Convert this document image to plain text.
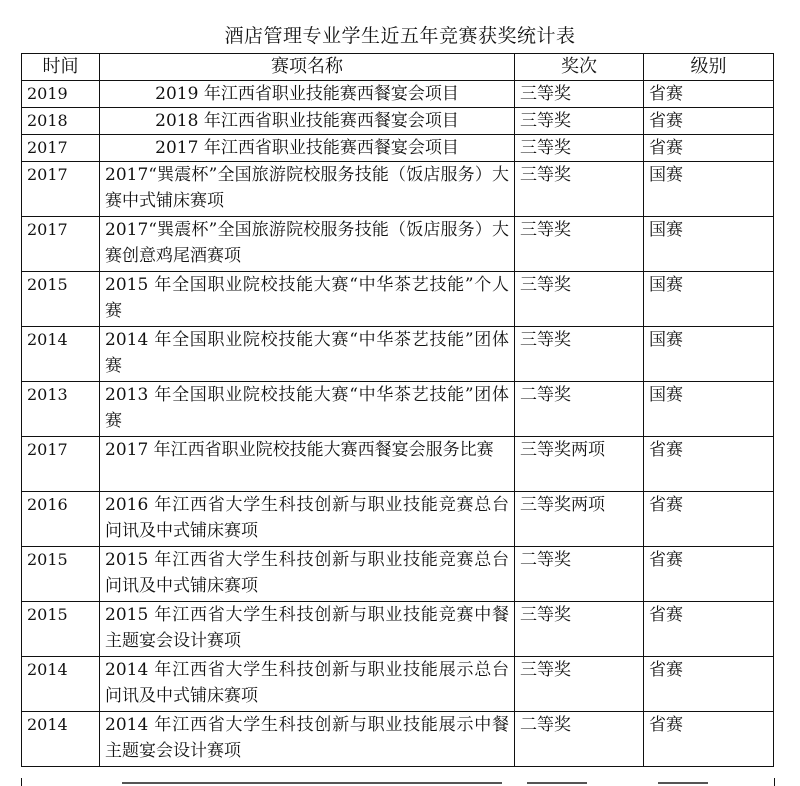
酒店管理专业学生近五年竞赛获奖统计表
时间	赛项名称	奖次	级别
2019	2019 年江西省职业技能赛西餐宴会项目	三等奖	省赛
2018	2018 年江西省职业技能赛西餐宴会项目	三等奖	省赛
2017	2017 年江西省职业技能赛西餐宴会项目	三等奖	省赛
2017	2017“巽震杯”全国旅游院校服务技能（饭店服务）大赛中式铺床赛项	三等奖	国赛
2017	2017“巽震杯”全国旅游院校服务技能（饭店服务）大赛创意鸡尾酒赛项	三等奖	国赛
2015	2015 年全国职业院校技能大赛“中华茶艺技能”个人赛	三等奖	国赛
2014	2014 年全国职业院校技能大赛“中华茶艺技能”团体赛	三等奖	国赛
2013	2013 年全国职业院校技能大赛“中华茶艺技能”团体赛	二等奖	国赛
2017	2017 年江西省职业院校技能大赛西餐宴会服务比赛	三等奖两项	省赛
2016	2016 年江西省大学生科技创新与职业技能竞赛总台问讯及中式铺床赛项	三等奖两项	省赛
2015	2015 年江西省大学生科技创新与职业技能竞赛总台问讯及中式铺床赛项	二等奖	省赛
2015	2015 年江西省大学生科技创新与职业技能竞赛中餐主题宴会设计赛项	三等奖	省赛
2014	2014 年江西省大学生科技创新与职业技能展示总台问讯及中式铺床赛项	三等奖	省赛
2014	2014 年江西省大学生科技创新与职业技能展示中餐主题宴会设计赛项	二等奖	省赛
